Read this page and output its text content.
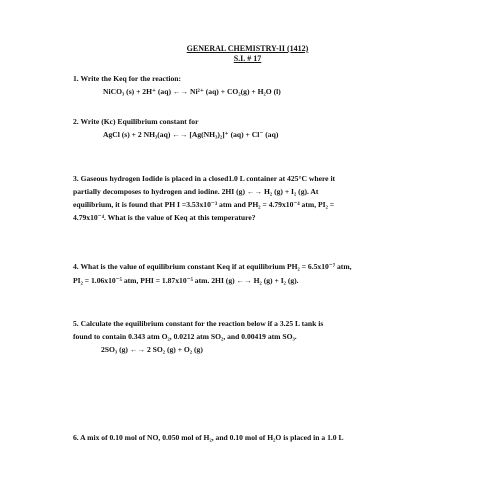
GENERAL CHEMISTRY-II (1412)
S.I. # 17
1. Write the Keq for the reaction:
NiCO₃ (s) + 2H⁺ (aq) ←→ Ni²⁺ (aq) + CO₂(g) + H₂O (l)
2. Write (Kc) Equilibrium constant for
AgCl (s) + 2 NH₃(aq) ←→ [Ag(NH₃)₂]⁺ (aq) + Cl⁻ (aq)
3. Gaseous hydrogen Iodide is placed in a closed1.0 L container at 425°C where it
partially decomposes to hydrogen and iodine. 2HI (g) ←→ H₂ (g) + I₂ (g). At
equilibrium, it is found that PH I =3.53x10⁻³ atm and PH₂ = 4.79x10⁻⁴ atm, PI₂ =
4.79x10⁻⁴. What is the value of Keq at this temperature?
4. What is the value of equilibrium constant Keq if at equilibrium PH₂ = 6.5x10⁻⁷ atm,
PI₂ = 1.06x10⁻⁵ atm, PHI = 1.87x10⁻⁵ atm. 2HI (g) ←→ H₂ (g) + I₂ (g).
5. Calculate the equilibrium constant for the reaction below if a 3.25 L tank is
found to contain 0.343 atm O₂, 0.0212 atm SO₂, and 0.00419 atm SO₃.
2SO₃ (g) ←→ 2 SO₂ (g) + O₂ (g)
6. A mix of 0.10 mol of NO, 0.050 mol of H₂, and 0.10 mol of H₂O is placed in a 1.0 L
